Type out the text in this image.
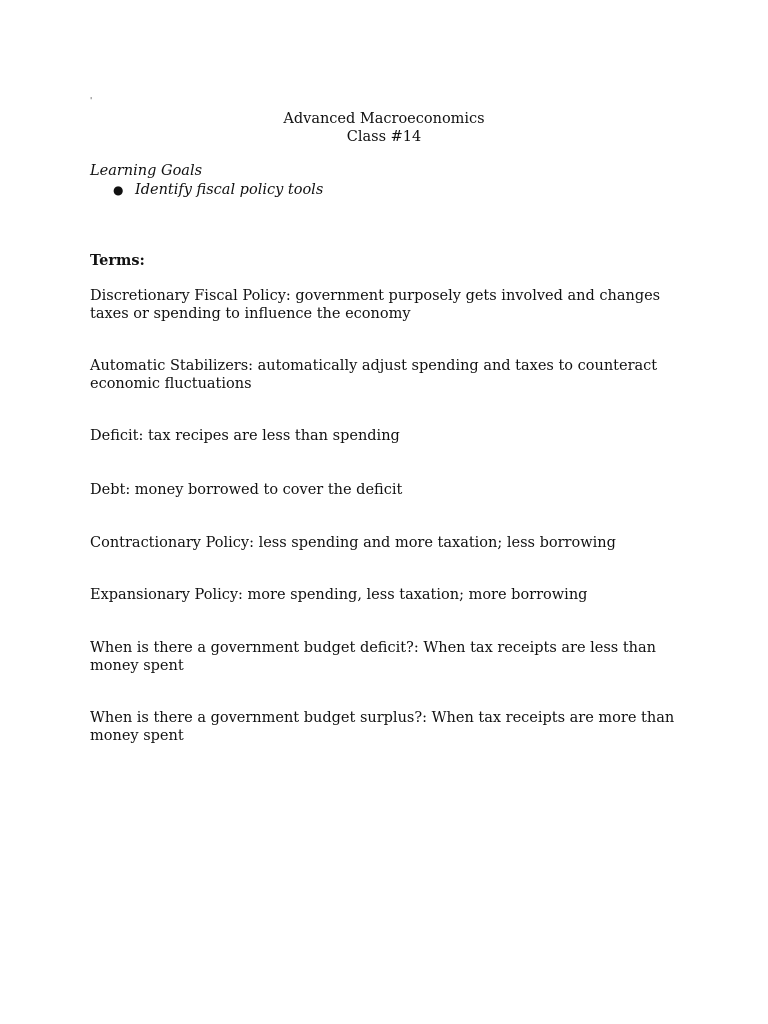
'
Advanced Macroeconomics
Class #14
Learning Goals
● Identify fiscal policy tools
Terms:
Discretionary Fiscal Policy: government purposely gets involved and changes taxes or spending to influence the economy
Automatic Stabilizers: automatically adjust spending and taxes to counteract economic fluctuations
Deficit: tax recipes are less than spending
Debt: money borrowed to cover the deficit
Contractionary Policy: less spending and more taxation; less borrowing
Expansionary Policy: more spending, less taxation; more borrowing
When is there a government budget deficit?: When tax receipts are less than money spent
When is there a government budget surplus?: When tax receipts are more than money spent
